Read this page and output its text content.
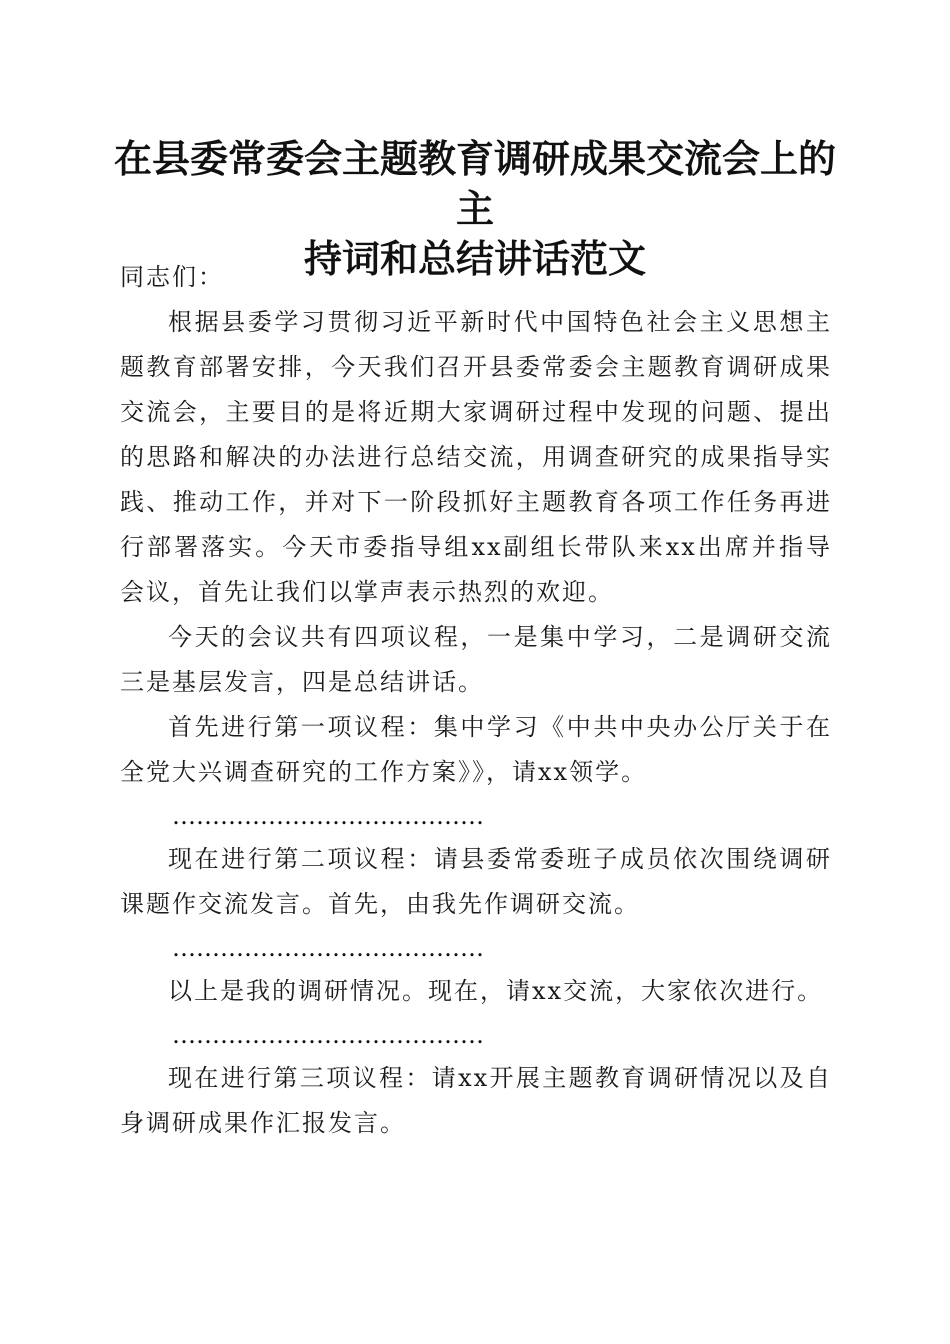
在县委常委会主题教育调研成果交流会上的主
持词和总结讲话范文

同志们：

根据县委学习贯彻习近平新时代中国特色社会主义思想主题教育部署安排，今天我们召开县委常委会主题教育调研成果交流会，主要目的是将近期大家调研过程中发现的问题、提出的思路和解决的办法进行总结交流，用调查研究的成果指导实践、推动工作，并对下一阶段抓好主题教育各项工作任务再进行部署落实。今天市委指导组xx副组长带队来xx出席并指导会议，首先让我们以掌声表示热烈的欢迎。

今天的会议共有四项议程，一是集中学习，二是调研交流三是基层发言，四是总结讲话。

首先进行第一项议程：集中学习《中共中央办公厅关于在全党大兴调查研究的工作方案》》，请xx领学。

…………………………………

现在进行第二项议程：请县委常委班子成员依次围绕调研课题作交流发言。首先，由我先作调研交流。

…………………………………

以上是我的调研情况。现在，请xx交流，大家依次进行。

…………………………………

现在进行第三项议程：请xx开展主题教育调研情况以及自身调研成果作汇报发言。
